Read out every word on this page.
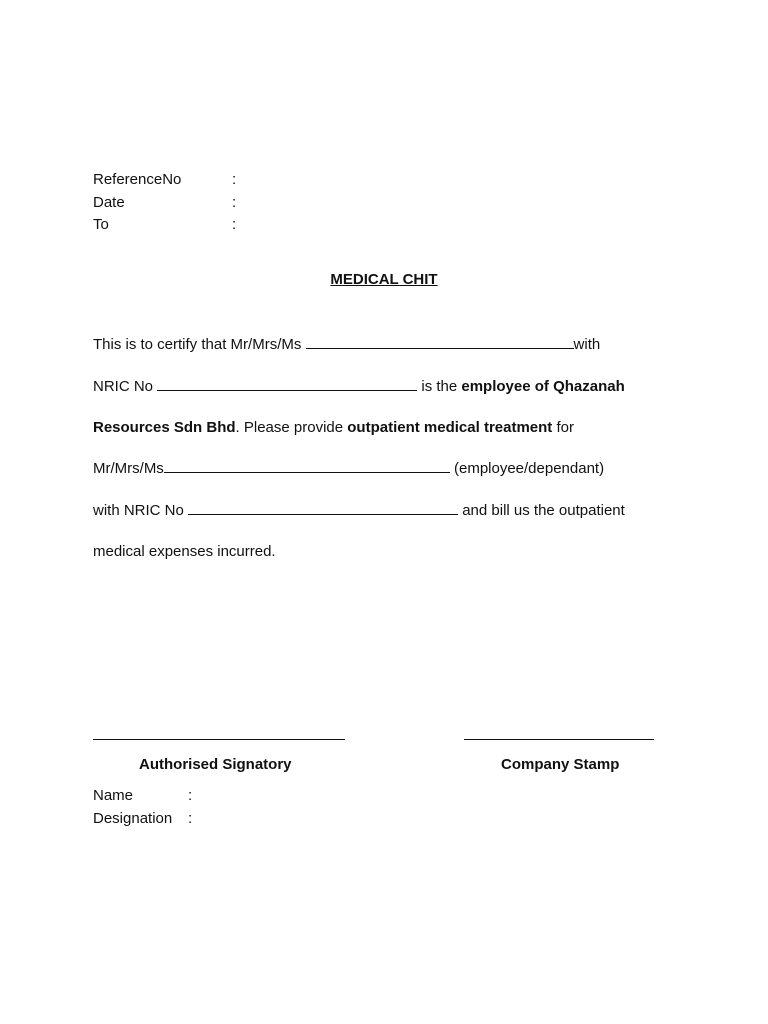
ReferenceNo	:
Date	:
To	:
MEDICAL CHIT
This is to certify that Mr/Mrs/Ms	with
NRIC No	is the employee of Qhazanah
Resources Sdn Bhd. Please provide outpatient medical treatment for
Mr/Mrs/Ms	(employee/dependant)
with NRIC No	and bill us the outpatient
medical expenses incurred.
Authorised Signatory	Company Stamp
Name	:
Designation :
